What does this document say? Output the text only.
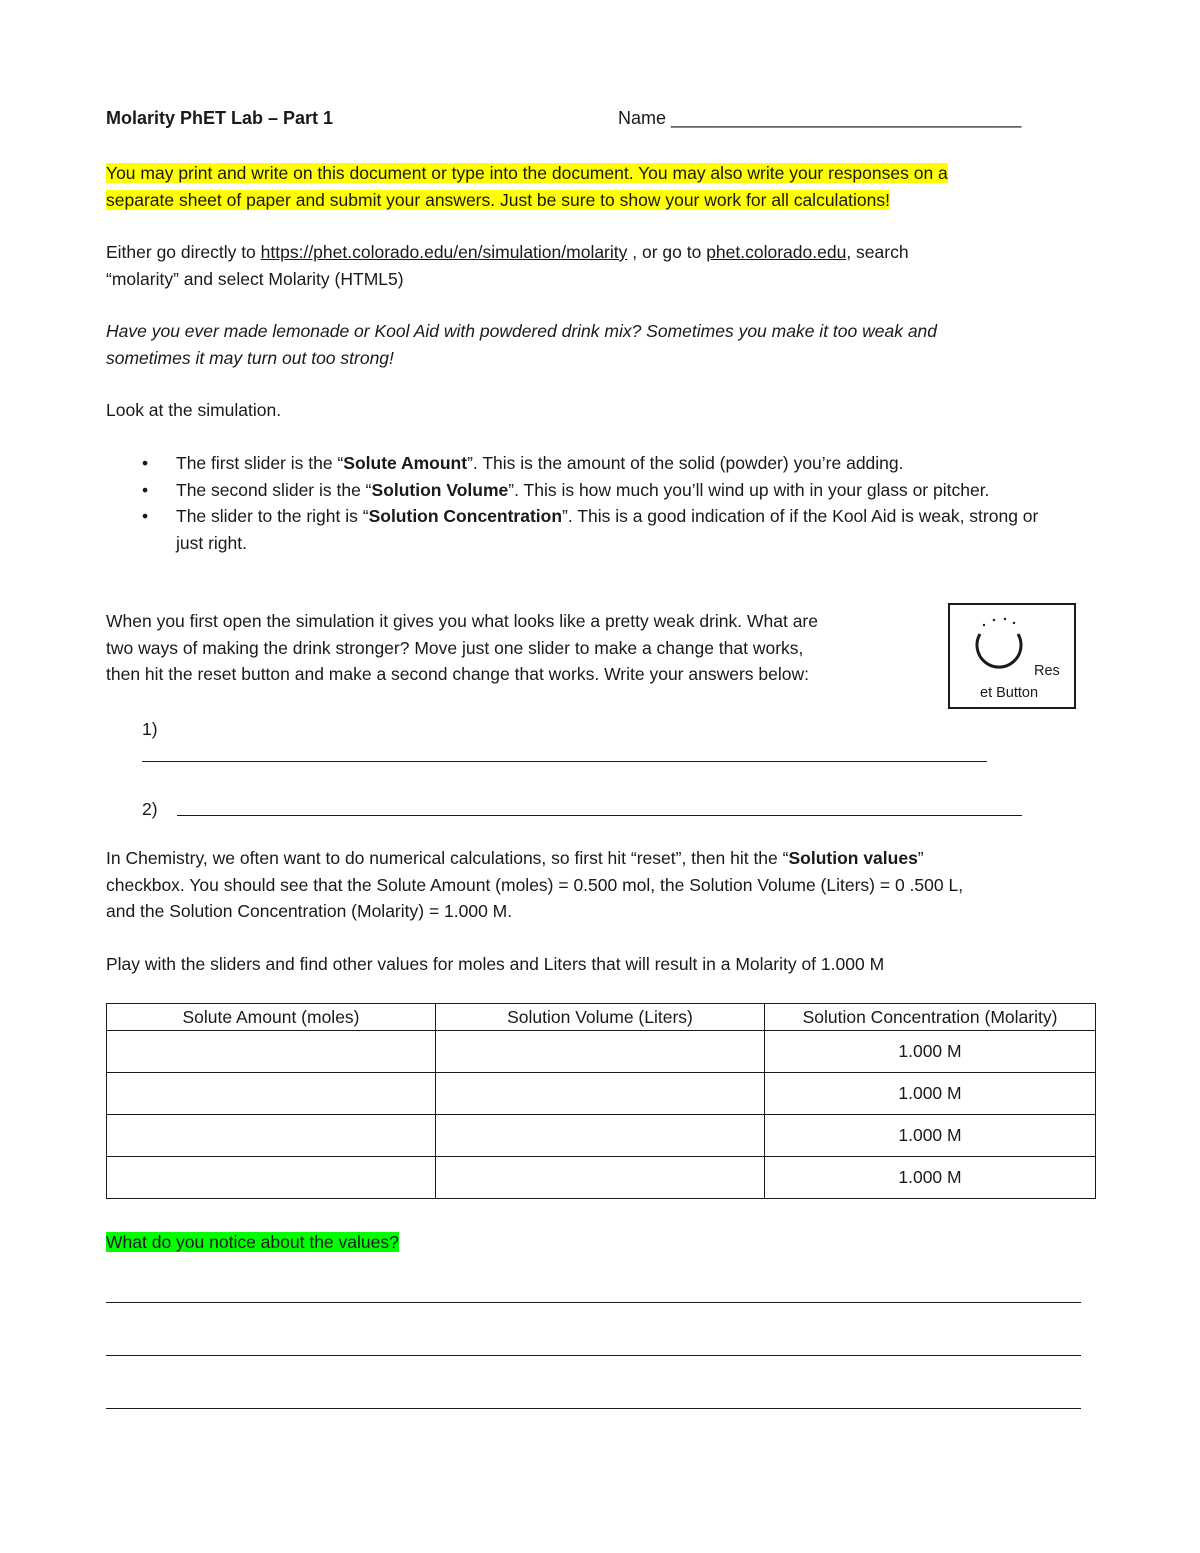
Molarity PhET Lab – Part 1	Name ___________________________________
You may print and write on this document or type into the document. You may also write your responses on a
separate sheet of paper and submit your answers. Just be sure to show your work for all calculations!
Either go directly to https://phet.colorado.edu/en/simulation/molarity , or go to phet.colorado.edu, search
“molarity” and select Molarity (HTML5)
Have you ever made lemonade or Kool Aid with powdered drink mix? Sometimes you make it too weak and
sometimes it may turn out too strong!
Look at the simulation.
• The first slider is the “Solute Amount”. This is the amount of the solid (powder) you’re adding.
• The second slider is the “Solution Volume”. This is how much you’ll wind up with in your glass or pitcher.
• The slider to the right is “Solution Concentration”. This is a good indication of if the Kool Aid is weak, strong or just right.
When you first open the simulation it gives you what looks like a pretty weak drink. What are
two ways of making the drink stronger? Move just one slider to make a change that works,
then hit the reset button and make a second change that works. Write your answers below:	Res
et Button
1)
2)
In Chemistry, we often want to do numerical calculations, so first hit “reset”, then hit the “Solution values”
checkbox. You should see that the Solute Amount (moles) = 0.500 mol, the Solution Volume (Liters) = 0 .500 L,
and the Solution Concentration (Molarity) = 1.000 M.
Play with the sliders and find other values for moles and Liters that will result in a Molarity of 1.000 M
Solute Amount (moles)	Solution Volume (Liters)	Solution Concentration (Molarity)
		1.000 M
		1.000 M
		1.000 M
		1.000 M
What do you notice about the values?
